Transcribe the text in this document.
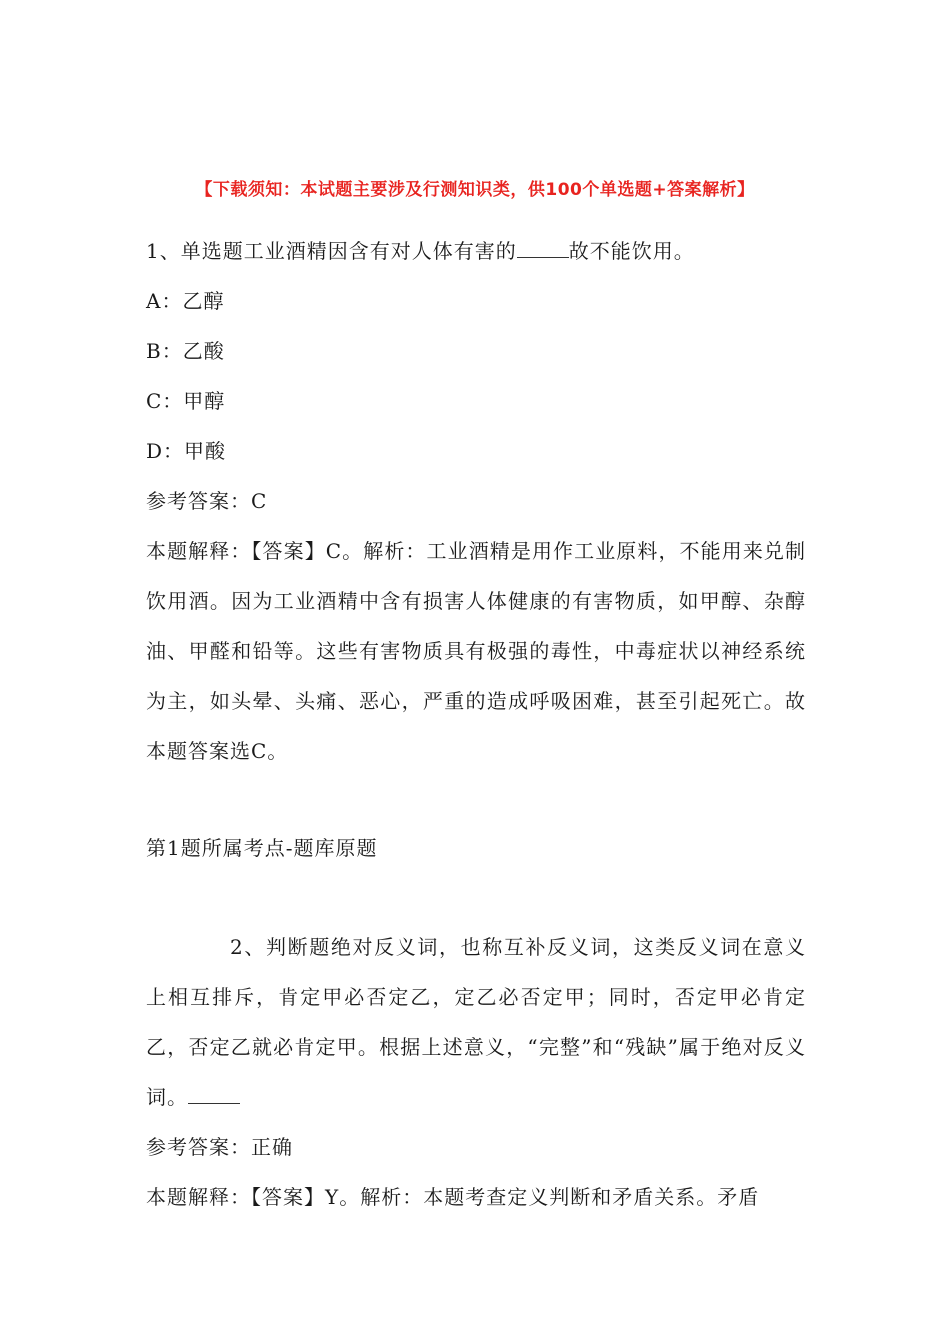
【下载须知：本试题主要涉及行测知识类，供100个单选题+答案解析】
1、单选题工业酒精因含有对人体有害的	故不能饮用。
A：乙醇
B：乙酸
C：甲醇
D：甲酸
参考答案：C
本题解释：【答案】C。解析：工业酒精是用作工业原料，不能用来兑制饮用酒。因为工业酒精中含有损害人体健康的有害物质，如甲醇、杂醇油、甲醛和铅等。这些有害物质具有极强的毒性，中毒症状以神经系统为主，如头晕、头痛、恶心，严重的造成呼吸困难，甚至引起死亡。故本题答案选C。
第1题所属考点-题库原题
2、判断题绝对反义词，也称互补反义词，这类反义词在意义上相互排斥，肯定甲必否定乙，定乙必否定甲；同时，否定甲必肯定乙，否定乙就必肯定甲。根据上述意义，“完整”和“残缺”属于绝对反义词。
参考答案：正确
本题解释：【答案】Y。解析：本题考查定义判断和矛盾关系。矛盾
